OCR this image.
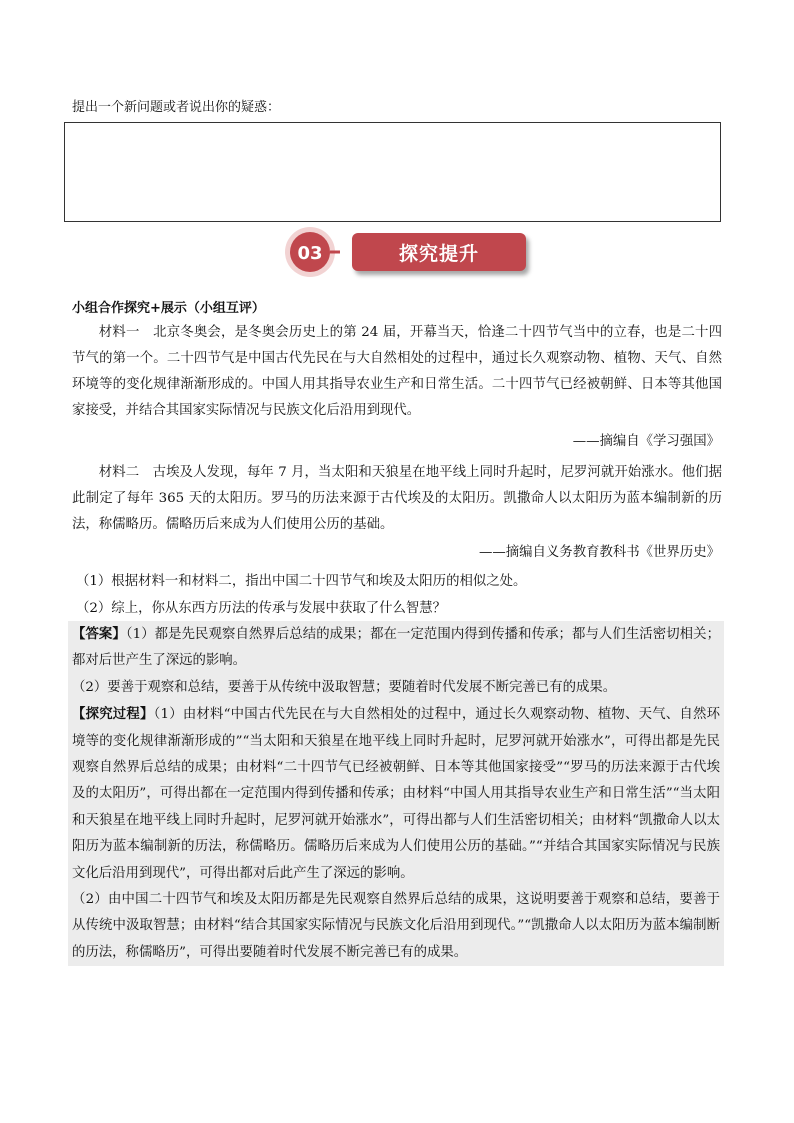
提出一个新问题或者说出你的疑惑：
03	探究提升
小组合作探究+展示（小组互评）

材料一　北京冬奥会，是冬奥会历史上的第 24 届，开幕当天，恰逢二十四节气当中的立春，也是二十四节气的第一个。二十四节气是中国古代先民在与大自然相处的过程中，通过长久观察动物、植物、天气、自然环境等的变化规律渐渐形成的。中国人用其指导农业生产和日常生活。二十四节气已经被朝鲜、日本等其他国家接受，并结合其国家实际情况与民族文化后沿用到现代。

——摘编自《学习强国》

材料二　古埃及人发现，每年 7 月，当太阳和天狼星在地平线上同时升起时，尼罗河就开始涨水。他们据此制定了每年 365 天的太阳历。罗马的历法来源于古代埃及的太阳历。凯撒命人以太阳历为蓝本编制新的历法，称儒略历。儒略历后来成为人们使用公历的基础。

——摘编自义务教育教科书《世界历史》
（1）根据材料一和材料二，指出中国二十四节气和埃及太阳历的相似之处。
（2）综上，你从东西方历法的传承与发展中获取了什么智慧？

【答案】（1）都是先民观察自然界后总结的成果；都在一定范围内得到传播和传承；都与人们生活密切相关；都对后世产生了深远的影响。

（2）要善于观察和总结，要善于从传统中汲取智慧；要随着时代发展不断完善已有的成果。

【探究过程】（1）由材料“中国古代先民在与大自然相处的过程中，通过长久观察动物、植物、天气、自然环境等的变化规律渐渐形成的”“当太阳和天狼星在地平线上同时升起时，尼罗河就开始涨水”，可得出都是先民观察自然界后总结的成果；由材料“二十四节气已经被朝鲜、日本等其他国家接受”“罗马的历法来源于古代埃及的太阳历”，可得出都在一定范围内得到传播和传承；由材料“中国人用其指导农业生产和日常生活”“当太阳和天狼星在地平线上同时升起时，尼罗河就开始涨水”，可得出都与人们生活密切相关；由材料“凯撒命人以太阳历为蓝本编制新的历法，称儒略历。儒略历后来成为人们使用公历的基础。”“并结合其国家实际情况与民族文化后沿用到现代”，可得出都对后此产生了深远的影响。

（2）由中国二十四节气和埃及太阳历都是先民观察自然界后总结的成果，这说明要善于观察和总结，要善于从传统中汲取智慧；由材料“结合其国家实际情况与民族文化后沿用到现代。”“凯撒命人以太阳历为蓝本编制断的历法，称儒略历”，可得出要随着时代发展不断完善已有的成果。
